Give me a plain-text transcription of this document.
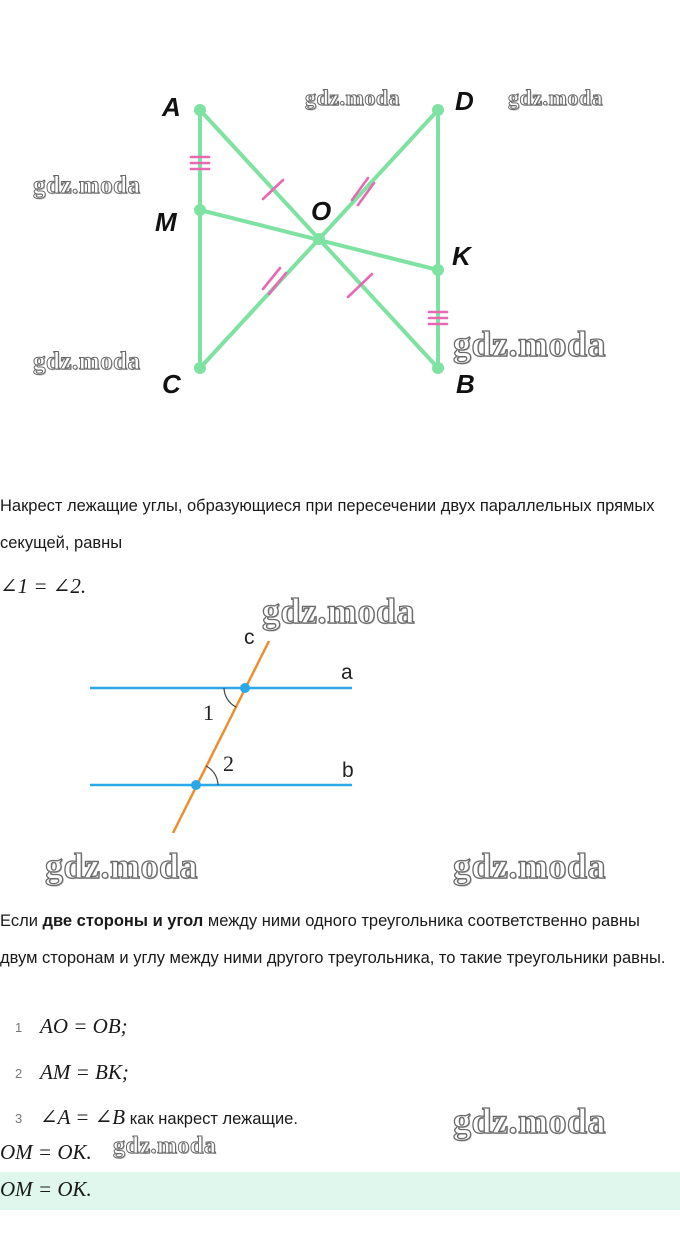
A	D
M	O
K
C	B
gdz.moda	gdz.moda
gdz.moda
gdz.moda	gdz.moda
Накрест лежащие углы, образующиеся при пересечении двух параллельных прямых секущей, равны
∠1 = ∠2.
a
b
c
1
2
gdz.moda
gdz.moda	gdz.moda
Если две стороны и угол между ними одного треугольника соответственно равны двум сторонам и углу между ними другого треугольника, то такие треугольники равны.
1 AO = OB;
2 AM = BK;
3 ∠A = ∠B как накрест лежащие.
OM = OK. gdz.moda
gdz.moda
OM = OK.
